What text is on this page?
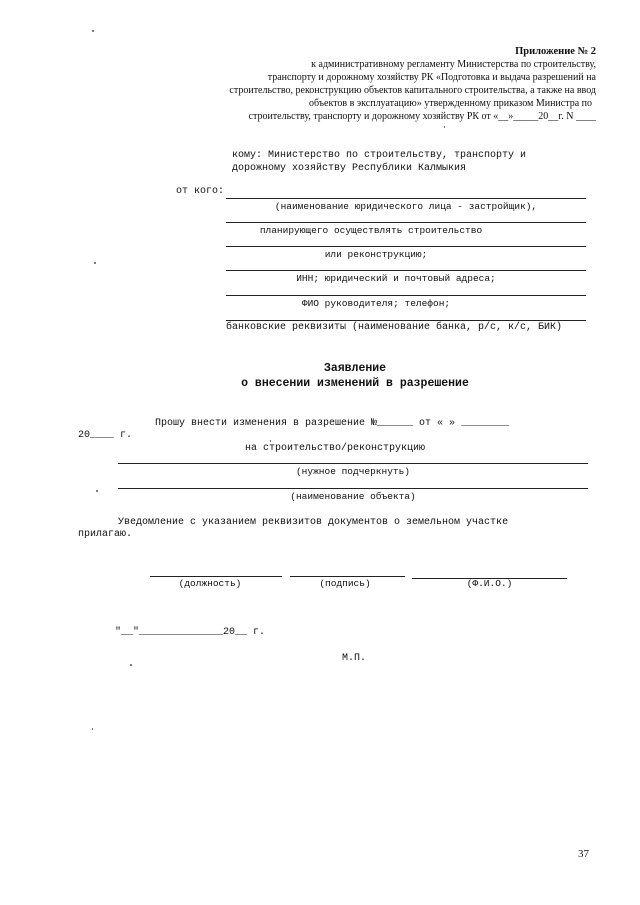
Приложение № 2
к административному регламенту Министерства по строительству,
транспорту и дорожному хозяйству РК «Подготовка и выдача разрешений на
строительство, реконструкцию объектов капитального строительства, а также на ввод
объектов в эксплуатацию» утвержденному приказом Министра по
строительству, транспорту и дорожному хозяйству РК от «__»_____20__г. N ____
кому: Министерство по строительству, транспорту и
дорожному хозяйству Республики Калмыкия
от кого:
(наименование юридического лица - застройщик),
планирующего осуществлять строительство
или реконструкцию;
ИНН; юридический и почтовый адреса;
ФИО руководителя; телефон;
банковские реквизиты (наименование банка, р/с, к/с, БИК)
Заявление
о внесении изменений в разрешение
Прошу внести изменения в разрешение №______ от « » ________
20____ г.
на строительство/реконструкцию
(нужное подчеркнуть)
(наименование объекта)
Уведомление с указанием реквизитов документов о земельном участке
прилагаю.
(должность)	(подпись)	(Ф.И.О.)
"__"______________20__ г.
М.П.
37
